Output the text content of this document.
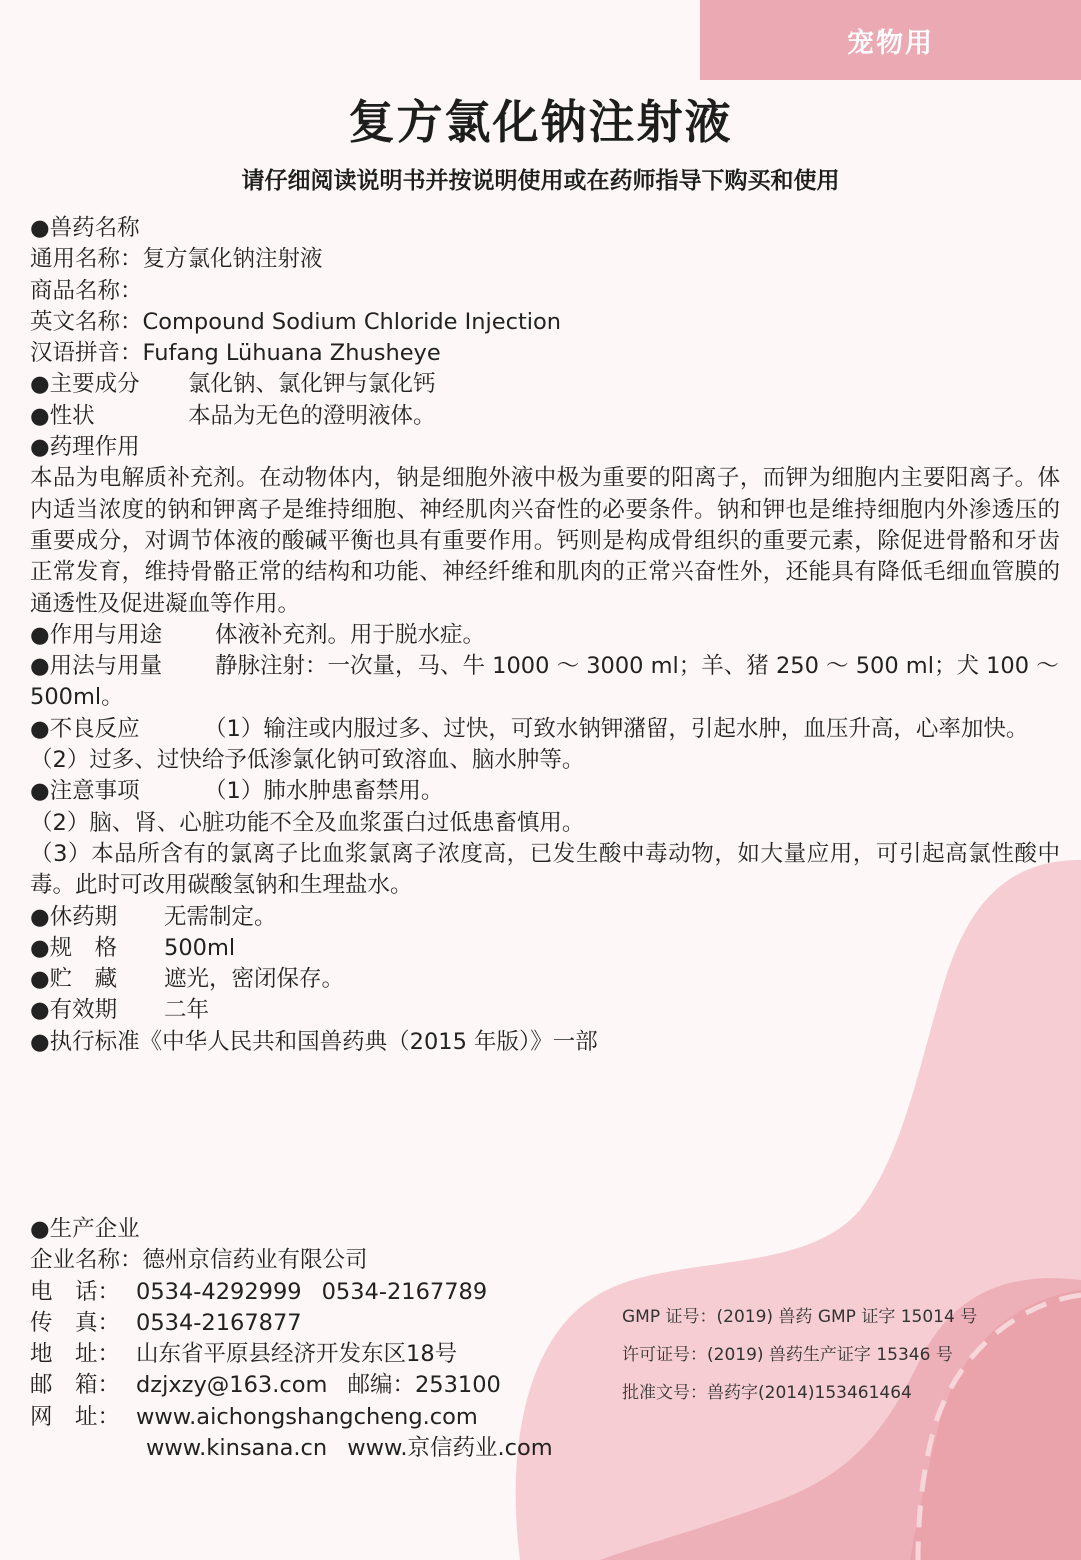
宠物用
复方氯化钠注射液
请仔细阅读说明书并按说明使用或在药师指导下购买和使用

●兽药名称

通用名称：复方氯化钠注射液

商品名称：

英文名称：Compound Sodium Chloride Injection

汉语拼音：Fufang Lühuana Zhusheye

●主要成分 氯化钠、氯化钾与氯化钙

●性状	本品为无色的澄明液体。

●药理作用

本品为电解质补充剂。在动物体内，钠是细胞外液中极为重要的阳离子，而钾为细胞内主要阳离子。体内适当浓度的钠和钾离子是维持细胞、神经肌肉兴奋性的必要条件。钠和钾也是维持细胞内外渗透压的重要成分，对调节体液的酸碱平衡也具有重要作用。钙则是构成骨组织的重要元素，除促进骨骼和牙齿正常发育，维持骨骼正常的结构和功能、神经纤维和肌肉的正常兴奋性外，还能具有降低毛细血管膜的通透性及促进凝血等作用。

●作用与用途 体液补充剂。用于脱水症。

●用法与用量 静脉注射：一次量，马、牛 1000 ～ 3000 ml；羊、猪 250 ～ 500 ml；犬 100 ～ 500ml。

●不良反应	（1）输注或内服过多、过快，可致水钠钾潴留，引起水肿，血压升高，心率加快。

（2）过多、过快给予低渗氯化钠可致溶血、脑水肿等。

●注意事项	（1）肺水肿患畜禁用。

（2）脑、肾、心脏功能不全及血浆蛋白过低患畜慎用。

（3）本品所含有的氯离子比血浆氯离子浓度高，已发生酸中毒动物，如大量应用，可引起高氯性酸中毒。此时可改用碳酸氢钠和生理盐水。

●休药期 无需制定。

●规　格 500ml

●贮　藏 遮光，密闭保存。

●有效期 二年

●执行标准《中华人民共和国兽药典（2015 年版）》一部

●生产企业

企业名称：德州京信药业有限公司

电　话： 0534-4292999 0534-2167789

传　真： 0534-2167877

地　址： 山东省平原县经济开发东区18号

邮　箱： dzjxzy@163.com 邮编：253100

网　址： www.aichongshangcheng.com

www.kinsana.cn www.京信药业.com

GMP 证号：(2019) 兽药 GMP 证字 15014 号

许可证号：(2019) 兽药生产证字 15346 号

批准文号：兽药字(2014)153461464
